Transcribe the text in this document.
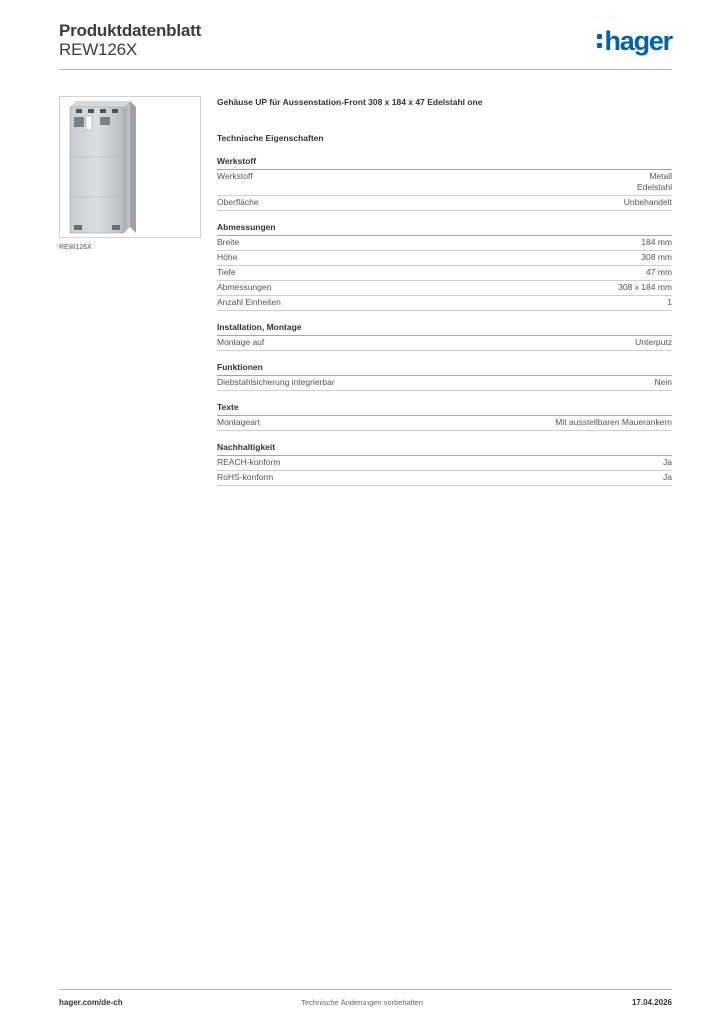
Produktdatenblatt
REW126X	hager
REW126X
Gehäuse UP für Aussenstation-Front 308 x 184 x 47 Edelstahl one
Technische Eigenschaften
Werkstoff
Werkstoff	Metall
Edelstahl
Oberfläche	Unbehandelt
Abmessungen
Breite	184 mm
Höhe	308 mm
Tiefe	47 mm
Abmessungen	308 x 184 mm
Anzahl Einheiten	1
Installation, Montage
Montage auf	Unterputz
Funktionen
Diebstahlsicherung integrierbar	Nein
Texte
Montageart	Mit ausstellbaren Mauerankern
Nachhaltigkeit
REACH-konform	Ja
RoHS-konform	Ja
hager.com/de-ch	Technische Änderungen vorbehalten	17.04.2026
